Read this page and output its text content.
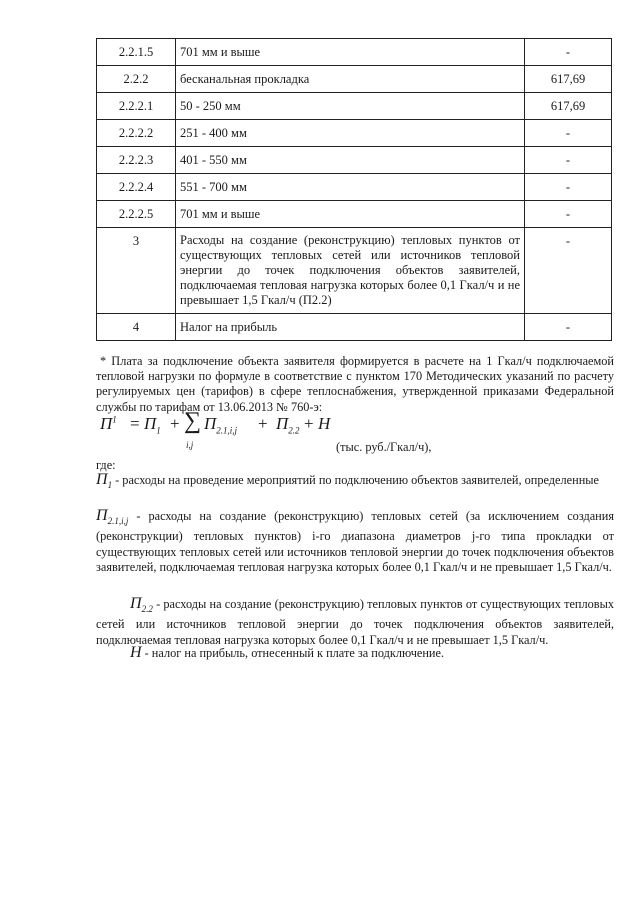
2.2.1.5	701 мм и выше	-
2.2.2	бесканальная прокладка	617,69
2.2.2.1	50 - 250 мм	617,69
2.2.2.2	251 - 400 мм	-
2.2.2.3	401 - 550 мм	-
2.2.2.4	551 - 700 мм	-
2.2.2.5	701 мм и выше	-
3	Расходы на создание (реконструкцию) тепловых пунктов от существующих тепловых сетей или источников тепловой энергии до точек подключения объектов заявителей, подключаемая тепловая нагрузка которых более 0,1 Гкал/ч и не превышает 1,5 Гкал/ч (П2.2)	-
4	Налог на прибыль	-
* Плата за подключение объекта заявителя формируется в расчете на 1 Гкал/ч подключаемой тепловой нагрузки по формуле в соответствие с пунктом 170 Методических указаний по расчету регулируемых цен (тарифов) в сфере теплоснабжения, утвержденной приказами Федеральной службы по тарифам от 13.06.2013 № 760-э:
$П^1 = П_1$ + ∑
i,j
$П_{2.1,i,j} + П_{2.2} + Н$
(тыс. руб./Гкал/ч),
где:
$П_1$ - расходы на проведение мероприятий по подключению объектов заявителей, определенные
$П_{2.1,i,j}$ - расходы на создание (реконструкцию) тепловых сетей (за исключением создания (реконструкции) тепловых пунктов) i-го диапазона диаметров j-го типа прокладки от существующих тепловых сетей или источников тепловой энергии до точек подключения объектов заявителей, подключаемая тепловая нагрузка которых более 0,1 Гкал/ч и не превышает 1,5 Гкал/ч.
$П_{2.2}$ - расходы на создание (реконструкцию) тепловых пунктов от существующих тепловых сетей или источников тепловой энергии до точек подключения объектов заявителей, подключаемая тепловая нагрузка которых более 0,1 Гкал/ч и не превышает 1,5 Гкал/ч.
Н - налог на прибыль, отнесенный к плате за подключение.
